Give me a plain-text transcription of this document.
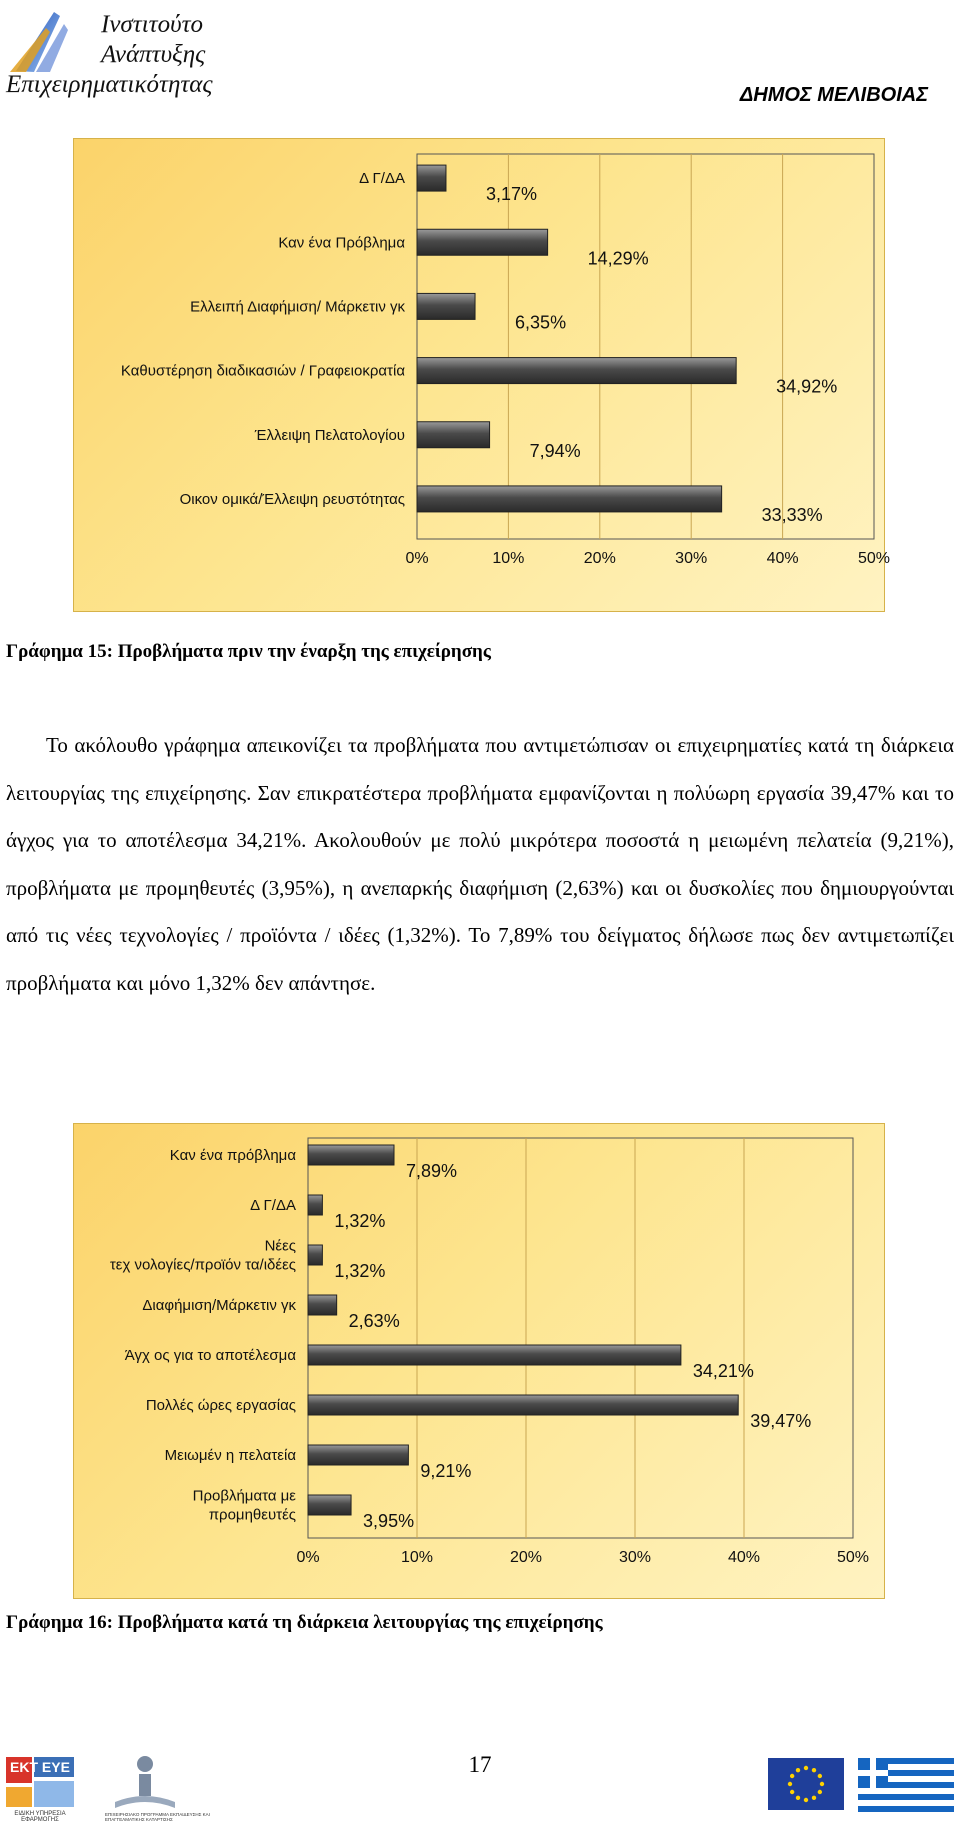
Ινστιτούτο
Ανάπτυξης
Επιχειρηματικότητας	ΔΗΜΟΣ ΜΕΛΙΒΟΙΑΣ
0%	10%	20%	30%	40%	50%
Δ Γ/ΔΑ
3,17%
Καν ένα Πρόβλημα
14,29%
Ελλειπή Διαφήμιση/ Μάρκετιν γκ
6,35%
Καθυστέρηση διαδικασιών / Γραφειοκρατία
34,92%
Έλλειψη Πελατολογίου
7,94%
Οικον ομικά/Έλλειψη ρευστότητας
33,33%
Γράφημα 15: Προβλήματα πριν την έναρξη της επιχείρησης

Το ακόλουθο γράφημα απεικονίζει τα προβλήματα που αντιμετώπισαν οι επιχειρηματίες κατά τη διάρκεια λειτουργίας της επιχείρησης. Σαν επικρατέστερα προβλήματα εμφανίζονται η πολύωρη εργασία 39,47% και το άγχος για το αποτέλεσμα 34,21%. Ακολουθούν με πολύ μικρότερα ποσοστά η μειωμένη πελατεία (9,21%), προβλήματα με προμηθευτές (3,95%), η ανεπαρκής διαφήμιση (2,63%) και οι δυσκολίες που δημιουργούνται από τις νέες τεχνολογίες / προϊόντα / ιδέες (1,32%). Το 7,89% του δείγματος δήλωσε πως δεν αντιμετωπίζει προβλήματα και μόνο 1,32% δεν απάντησε.

0%	10%	20%	30%	40%	50%
Καν ένα πρόβλημα
7,89%
Δ Γ/ΔΑ
1,32%
Νέες
τεχ νολογίες/προϊόν τα/ιδέες 1,32%
Διαφήμιση/Μάρκετιν γκ
2,63%
Άγχ ος για το αποτέλεσμα
34,21%
Πολλές ώρες εργασίας
39,47%
Μειωμέν η πελατεία
9,21%
Προβλήματα με
προμηθευτές	3,95%
Γράφημα 16: Προβλήματα κατά τη διάρκεια λειτουργίας της επιχείρησης
17
ΕΚΤ ΕΥΕ
ΕΙΔΙΚΗ ΥΠΗΡΕΣΙΑ ΕΦΑΡΜΟΓΗΣ
ΕΠΙΧΕΙΡΗΣΙΑΚΟ ΠΡΟΓΡΑΜΜΑ ΕΚΠΑΙΔΕΥΣΗΣ ΚΑΙ ΕΠΑΓΓΕΛΜΑΤΙΚΗΣ ΚΑΤΑΡΤΙΣΗΣ
